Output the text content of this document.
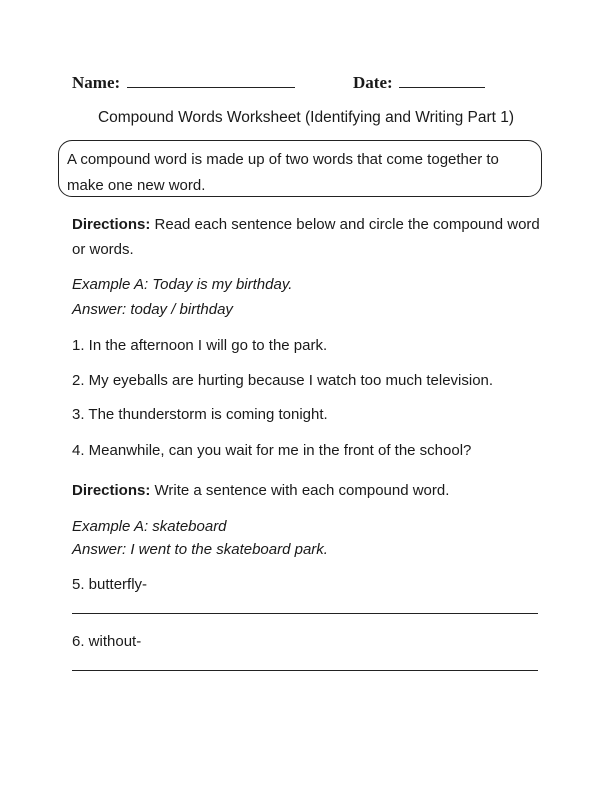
Name:	Date:
Compound Words Worksheet (Identifying and Writing Part 1)
A compound word is made up of two words that come together to make one new word.
Directions: Read each sentence below and circle the compound word or words.
Example A: Today is my birthday.
Answer: today / birthday
1. In the afternoon I will go to the park.
2. My eyeballs are hurting because I watch too much television.
3. The thunderstorm is coming tonight.
4. Meanwhile, can you wait for me in the front of the school?
Directions: Write a sentence with each compound word.
Example A: skateboard
Answer: I went to the skateboard park.
5. butterfly-
6. without-
